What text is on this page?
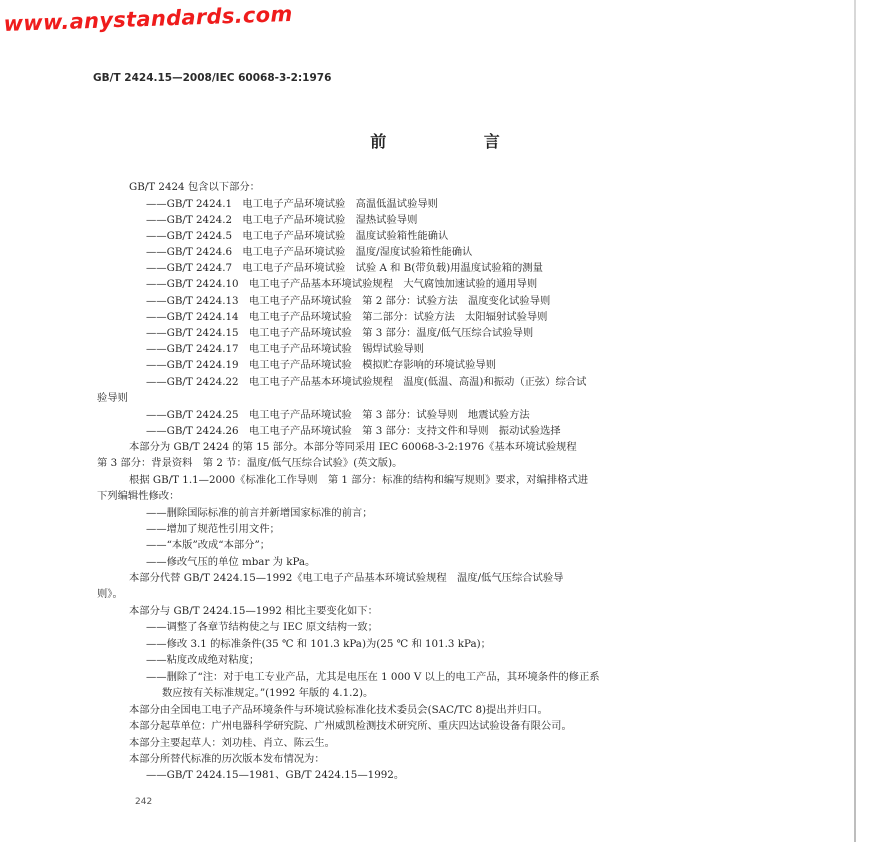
www.anystandards.com
GB/T 2424.15—2008/IEC 60068-3-2:1976
前 言
GB/T 2424 包含以下部分：
——GB/T 2424.1　电工电子产品环境试验　高温低温试验导则
——GB/T 2424.2　电工电子产品环境试验　湿热试验导则
——GB/T 2424.5　电工电子产品环境试验　温度试验箱性能确认
——GB/T 2424.6　电工电子产品环境试验　温度/湿度试验箱性能确认
——GB/T 2424.7　电工电子产品环境试验　试验 A 和 B(带负载)用温度试验箱的测量
——GB/T 2424.10　电工电子产品基本环境试验规程　大气腐蚀加速试验的通用导则
——GB/T 2424.13　电工电子产品环境试验　第 2 部分：试验方法　温度变化试验导则
——GB/T 2424.14　电工电子产品环境试验　第二部分：试验方法　太阳辐射试验导则
——GB/T 2424.15　电工电子产品环境试验　第 3 部分：温度/低气压综合试验导则
——GB/T 2424.17　电工电子产品环境试验　锡焊试验导则
——GB/T 2424.19　电工电子产品环境试验　模拟贮存影响的环境试验导则
——GB/T 2424.22　电工电子产品基本环境试验规程　温度(低温、高温)和振动（正弦）综合试
验导则
——GB/T 2424.25　电工电子产品环境试验　第 3 部分：试验导则　地震试验方法
——GB/T 2424.26　电工电子产品环境试验　第 3 部分：支持文件和导则　振动试验选择
本部分为 GB/T 2424 的第 15 部分。本部分等同采用 IEC 60068-3-2:1976《基本环境试验规程
第 3 部分：背景资料　第 2 节：温度/低气压综合试验》(英文版)。
根据 GB/T 1.1—2000《标准化工作导则　第 1 部分：标准的结构和编写规则》要求，对编排格式进
下列编辑性修改：
——删除国际标准的前言并新增国家标准的前言；
——增加了规范性引用文件；
——“本版”改成“本部分”；
——修改气压的单位 mbar 为 kPa。
本部分代替 GB/T 2424.15—1992《电工电子产品基本环境试验规程　温度/低气压综合试验导
则》。
本部分与 GB/T 2424.15—1992 相比主要变化如下：
——调整了各章节结构使之与 IEC 原文结构一致；
——修改 3.1 的标准条件(35 ℃ 和 101.3 kPa)为(25 ℃ 和 101.3 kPa)；
——粘度改成绝对粘度；
——删除了“注：对于电工专业产品，尤其是电压在 1 000 V 以上的电工产品，其环境条件的修正系
数应按有关标准规定。”(1992 年版的 4.1.2)。
本部分由全国电工电子产品环境条件与环境试验标准化技术委员会(SAC/TC 8)提出并归口。
本部分起草单位：广州电器科学研究院、广州威凯检测技术研究所、重庆四达试验设备有限公司。
本部分主要起草人：刘功桂、肖立、陈云生。
本部分所替代标准的历次版本发布情况为：
——GB/T 2424.15—1981、GB/T 2424.15—1992。
242
